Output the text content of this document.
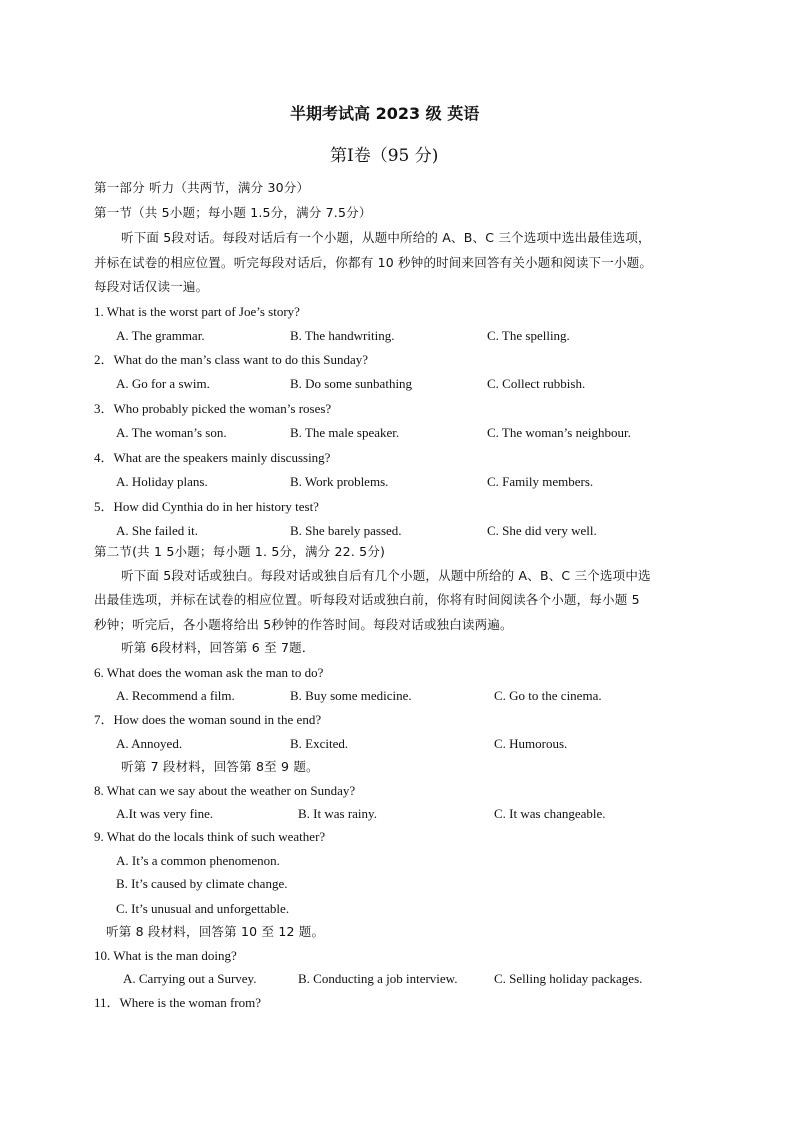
半期考试高 2023 级 英语
第Ⅰ卷（95 分)
第一部分 听力（共两节，满分 30分）
第一节（共 5小题；每小题 1.5分，满分 7.5分）
听下面 5段对话。每段对话后有一个小题，从题中所给的 A、B、C 三个选项中选出最佳选项，
并标在试卷的相应位置。听完每段对话后，你都有 10 秒钟的时间来回答有关小题和阅读下一小题。
每段对话仅读一遍。
1. What is the worst part of Joe’s story?
A. The grammar.	B. The handwriting.	C. The spelling.
2．What do the man’s class want to do this Sunday?
A. Go for a swim.	B. Do some sunbathing	C. Collect rubbish.
3．Who probably picked the woman’s roses?
A. The woman’s son.	B. The male speaker.	C. The woman’s neighbour.
4．What are the speakers mainly discussing?
A. Holiday plans.	B. Work problems.	C. Family members.
5．How did Cynthia do in her history test?
A. She failed it.	B. She barely passed.	C. She did very well.
第二节(共 1 5小题；每小题 1. 5分，满分 22. 5分)
听下面 5段对话或独白。每段对话或独自后有几个小题，从题中所给的 A、B、C 三个选项中选
出最佳选项，并标在试卷的相应位置。听每段对话或独白前，你将有时间阅读各个小题，每小题 5
秒钟；听完后，各小题将给出 5秒钟的作答时间。每段对话或独白读两遍。
听第 6段材料，回答第 6 至 7题．
6. What does the woman ask the man to do?
A. Recommend a film.	B. Buy some medicine.	C. Go to the cinema.
7．How does the woman sound in the end?
A. Annoyed.	B. Excited.	C. Humorous.
听第 7 段材料，回答第 8至 9 题。
8. What can we say about the weather on Sunday?
A.It was very fine.	B. It was rainy.	C. It was changeable.
9. What do the locals think of such weather?
A. It’s a common phenomenon.
B. It’s caused by climate change.
C. It’s unusual and unforgettable.
听第 8 段材料，回答第 10 至 12 题。
10. What is the man doing?
A. Carrying out a Survey.	B. Conducting a job interview.	C. Selling holiday packages.
11．Where is the woman from?
